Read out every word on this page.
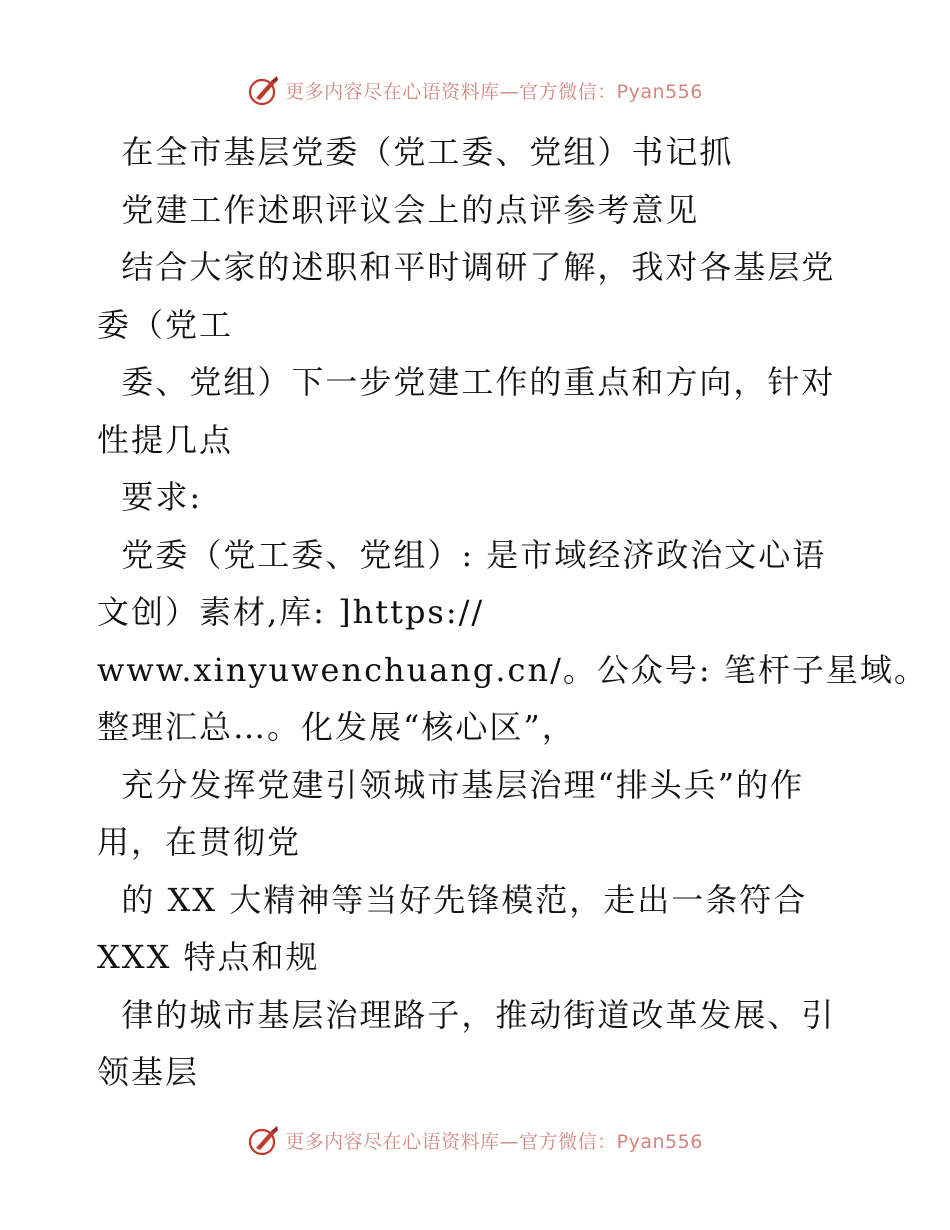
更多内容尽在心语资料库—官方微信：Pyan556
在全市基层党委（党工委、党组）书记抓
党建工作述职评议会上的点评参考意见
结合大家的述职和平时调研了解，我对各基层党
委（党工
委、党组）下一步党建工作的重点和方向，针对
性提几点
要求:
党委（党工委、党组）: 是市域经济政治文心语
文创）素材,库: ]https://
www.xinyuwenchuang.cn/。公众号: 笔杆子星域。
整理汇总…。化发展“核心区”，
充分发挥党建引领城市基层治理“排头兵”的作
用，在贯彻党
的 XX 大精神等当好先锋模范，走出一条符合
XXX 特点和规
律的城市基层治理路子，推动街道改革发展、引
领基层
更多内容尽在心语资料库—官方微信：Pyan556
